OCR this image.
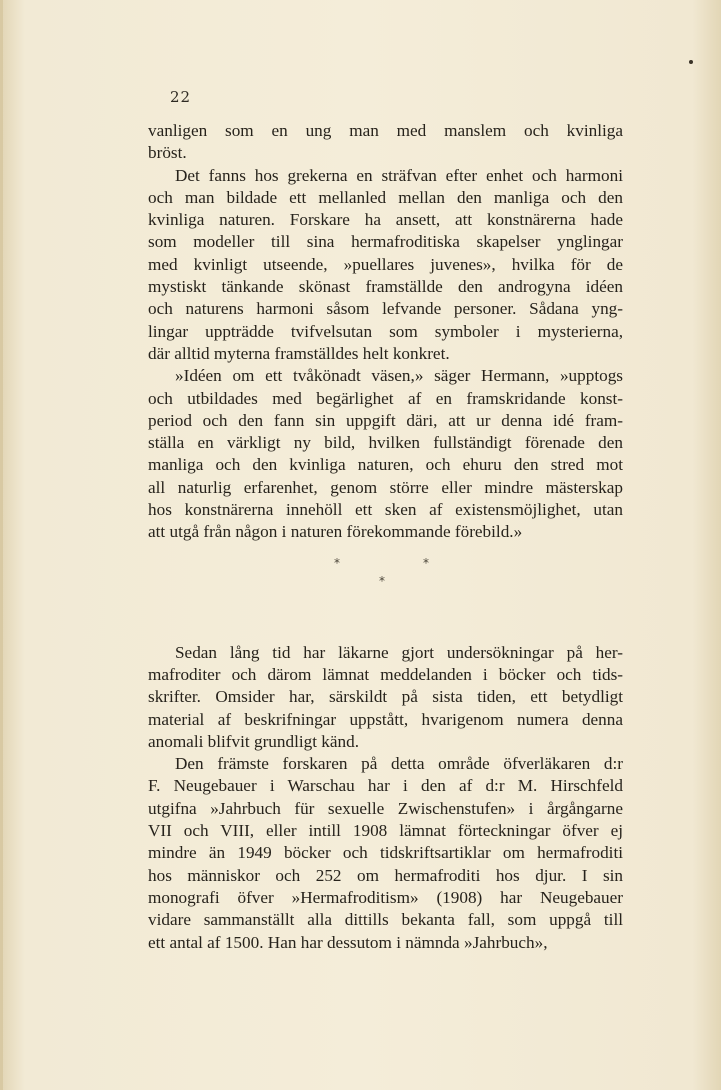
22
vanligen som en ung man med manslem och kvinliga
bröst.
Det fanns hos grekerna en sträfvan efter enhet och harmoni
och man bildade ett mellanled mellan den manliga och den
kvinliga naturen. Forskare ha ansett, att konstnärerna hade
som modeller till sina hermafroditiska skapelser ynglingar
med kvinligt utseende, »puellares juvenes», hvilka för de
mystiskt tänkande skönast framställde den androgyna idéen
och naturens harmoni såsom lefvande personer. Sådana yng-
lingar uppträdde tvifvelsutan som symboler i mysterierna,
där alltid myterna framställdes helt konkret.
»Idéen om ett tvåkönadt väsen,» säger Hermann, »upptogs
och utbildades med begärlighet af en framskridande konst-
period och den fann sin uppgift däri, att ur denna idé fram-
ställa en värkligt ny bild, hvilken fullständigt förenade den
manliga och den kvinliga naturen, och ehuru den stred mot
all naturlig erfarenhet, genom större eller mindre mästerskap
hos konstnärerna innehöll ett sken af existensmöjlighet, utan
att utgå från någon i naturen förekommande förebild.»
*	*
*
Sedan lång tid har läkarne gjort undersökningar på her-
mafroditer och därom lämnat meddelanden i böcker och tids-
skrifter. Omsider har, särskildt på sista tiden, ett betydligt
material af beskrifningar uppstått, hvarigenom numera denna
anomali blifvit grundligt känd.
Den främste forskaren på detta område öfverläkaren d:r
F. Neugebauer i Warschau har i den af d:r M. Hirschfeld
utgifna »Jahrbuch für sexuelle Zwischenstufen» i årgångarne
VII och VIII, eller intill 1908 lämnat förteckningar öfver ej
mindre än 1949 böcker och tidskriftsartiklar om hermafroditi
hos människor och 252 om hermafroditi hos djur. I sin
monografi öfver »Hermafroditism» (1908) har Neugebauer
vidare sammanställt alla dittills bekanta fall, som uppgå till
ett antal af 1500. Han har dessutom i nämnda »Jahrbuch»,
